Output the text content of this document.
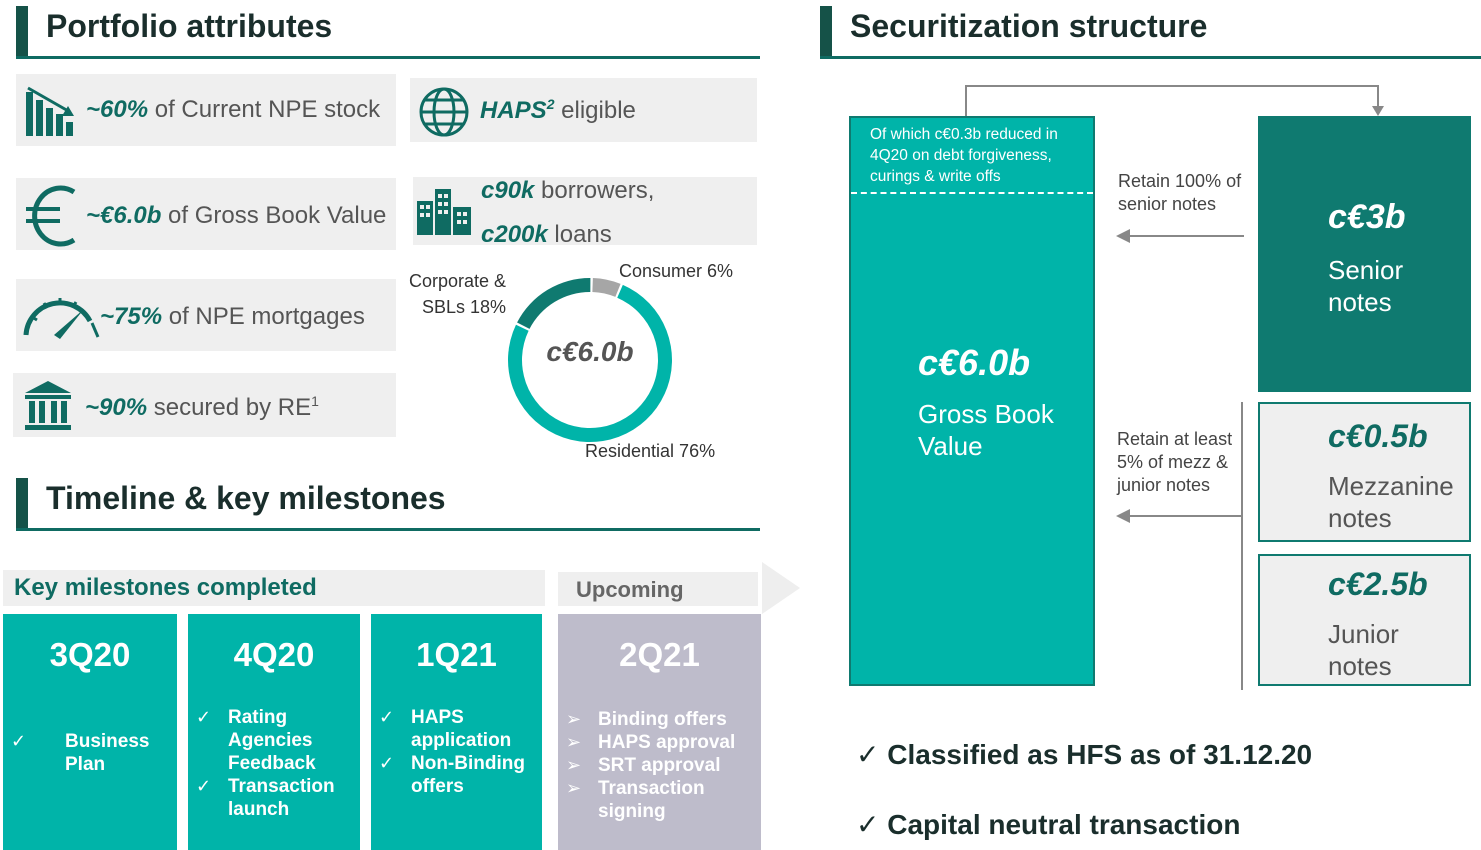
Portfolio attributes
~60% of Current NPE stock	HAPS$^2$ eligible
~€6.0b of Gross Book Value
c90k borrowers,
c200k loans
~75% of NPE mortgages
~90% secured by $RE^1$
c€6.0b
Corporate &
SBLs 18%
Consumer 6%
Residential 76%
Timeline & key milestones
Key milestones completed	Upcoming
3Q20
✓ Business
Plan
4Q20
✓ Rating
Agencies
Feedback
✓ Transaction
launch
1Q21
✓ HAPS
application
✓ Non-Binding
offers
2Q21
➢ Binding offers
➢ HAPS approval
➢ SRT approval
➢ Transaction
signing
Securitization structure
Of which c€0.3b reduced in
4Q20 on debt forgiveness,
curings & write offs
c€6.0b
Gross Book
Value
c€3b
Senior
notes
c€0.5b
Mezzanine
notes
c€2.5b
Junior
notes
Retain 100% of
senior notes
Retain at least
5% of mezz &
junior notes
✓ Classified as HFS as of 31.12.20
✓ Capital neutral transaction
